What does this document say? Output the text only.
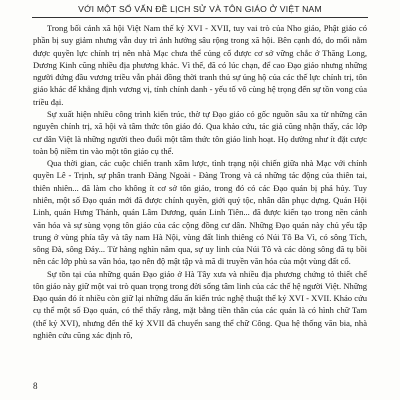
VỚI MỘT SỐ VẤN ĐỀ LỊCH SỬ VÀ TÔN GIÁO Ở VIỆT NAM

Trong bối cảnh xã hội Việt Nam thế kỷ XVI - XVII, tuy vai trò của Nho giáo, Phật giáo có phần bị suy giảm nhưng vẫn duy trì ảnh hưởng sâu rộng trong xã hội. Bên cạnh đó, do mối nằm được quyền lực chính trị nên nhà Mạc chưa thể củng cố được cơ sở vững chắc ở Thăng Long, Dương Kinh cũng nhiều địa phương khác. Vì thế, đã có lúc chạn, để cao Đạo giáo nhưng những người đứng đầu vương triều vẫn phải đồng thời tranh thủ sự ủng hộ của các thế lực chính trị, tôn giáo khác để khẳng định vương vị, tính chính danh - yếu tố vô cùng hệ trọng đến sự tồn vong của triều đại.

Sự xuất hiện nhiều công trình kiến trúc, thờ tự Đạo giáo có gốc nguồn sâu xa từ những căn nguyên chính trị, xã hội và tâm thức tôn giáo đó. Qua khảo cứu, tác giả cũng nhận thấy, các lớp cư dân Việt là những người theo đuổi một tâm thức tôn giáo linh hoạt. Họ dường như ít đặt cược toàn bộ niềm tin vào một tôn giáo cụ thể.

Qua thời gian, các cuộc chiến tranh xâm lược, tình trạng nội chiến giữa nhà Mạc với chính quyền Lê - Trịnh, sự phân tranh Đàng Ngoài - Đàng Trong và cả những tác động của thiên tai, thiên nhiên... đã làm cho không ít cơ sở tôn giáo, trong đó có các Đạo quán bị phá hủy. Tuy nhiên, một số Đạo quán mới đã được chính quyền, giới quý tộc, nhân dân phục dựng. Quán Hội Linh, quán Hưng Thánh, quán Lâm Dương, quán Linh Tiên... đã được kiến tạo trong nền cảnh văn hóa và sự sùng vọng tôn giáo của các cộng đồng cư dân. Những Đạo quán này chủ yếu tập trung ở vùng phía tây và tây nam Hà Nội, vùng đất linh thiêng có Núi Tô Ba Vì, có sông Tích, sông Đà, sông Đáy... Từ hàng nghìn năm qua, sự uy linh của Núi Tô và các dòng sông đã tụ bồi nên các lớp phù sa văn hóa, tạo nên độ mật tập và mã di truyền văn hóa của một vùng đất cổ.

Sự tồn tại của những quán Đạo giáo ở Hà Tây xưa và nhiều địa phương chứng tỏ thiết chế tôn giáo này giữ một vai trò quan trọng trong đời sống tâm linh của các thế hệ người Việt. Những Đạo quán đó ít nhiều còn giữ lại những dấu ấn kiến trúc nghệ thuật thế kỷ XVI - XVII. Khảo cứu cụ thể một số Đạo quán, có thể thấy rằng, mặt bằng tiền thân của các quán là có hình chữ Tam (thế kỷ XVI), nhưng đến thế kỷ XVII đã chuyển sang thể chữ Công. Qua hệ thống văn bia, nhà nghiên cứu cũng xác định rõ,

8
